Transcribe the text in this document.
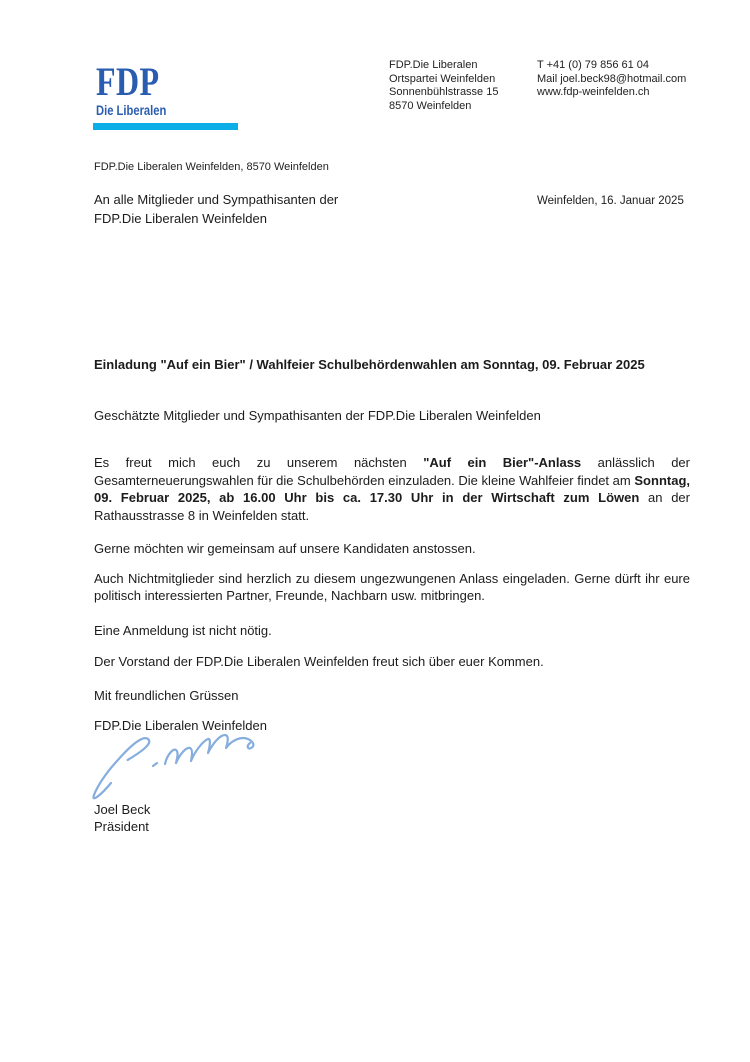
FDP
Die Liberalen
FDP.Die Liberalen
Ortspartei Weinfelden
Sonnenbühlstrasse 15
8570 Weinfelden
T +41 (0) 79 856 61 04
Mail joel.beck98@hotmail.com
www.fdp-weinfelden.ch
FDP.Die Liberalen Weinfelden, 8570 Weinfelden
An alle Mitglieder und Sympathisanten der
FDP.Die Liberalen Weinfelden
Weinfelden, 16. Januar 2025

Einladung "Auf ein Bier" / Wahlfeier Schulbehördenwahlen am Sonntag, 09. Februar 2025

Geschätzte Mitglieder und Sympathisanten der FDP.Die Liberalen Weinfelden

Es freut mich euch zu unserem nächsten "Auf ein Bier"-Anlass anlässlich der Gesamterneuerungswahlen für die Schulbehörden einzuladen. Die kleine Wahlfeier findet am Sonntag, 09. Februar 2025, ab 16.00 Uhr bis ca. 17.30 Uhr in der Wirtschaft zum Löwen an der Rathausstrasse 8 in Weinfelden statt.

Gerne möchten wir gemeinsam auf unsere Kandidaten anstossen.

Auch Nichtmitglieder sind herzlich zu diesem ungezwungenen Anlass eingeladen. Gerne dürft ihr eure politisch interessierten Partner, Freunde, Nachbarn usw. mitbringen.

Eine Anmeldung ist nicht nötig.

Der Vorstand der FDP.Die Liberalen Weinfelden freut sich über euer Kommen.

Mit freundlichen Grüssen

FDP.Die Liberalen Weinfelden

Joel Beck
Präsident
